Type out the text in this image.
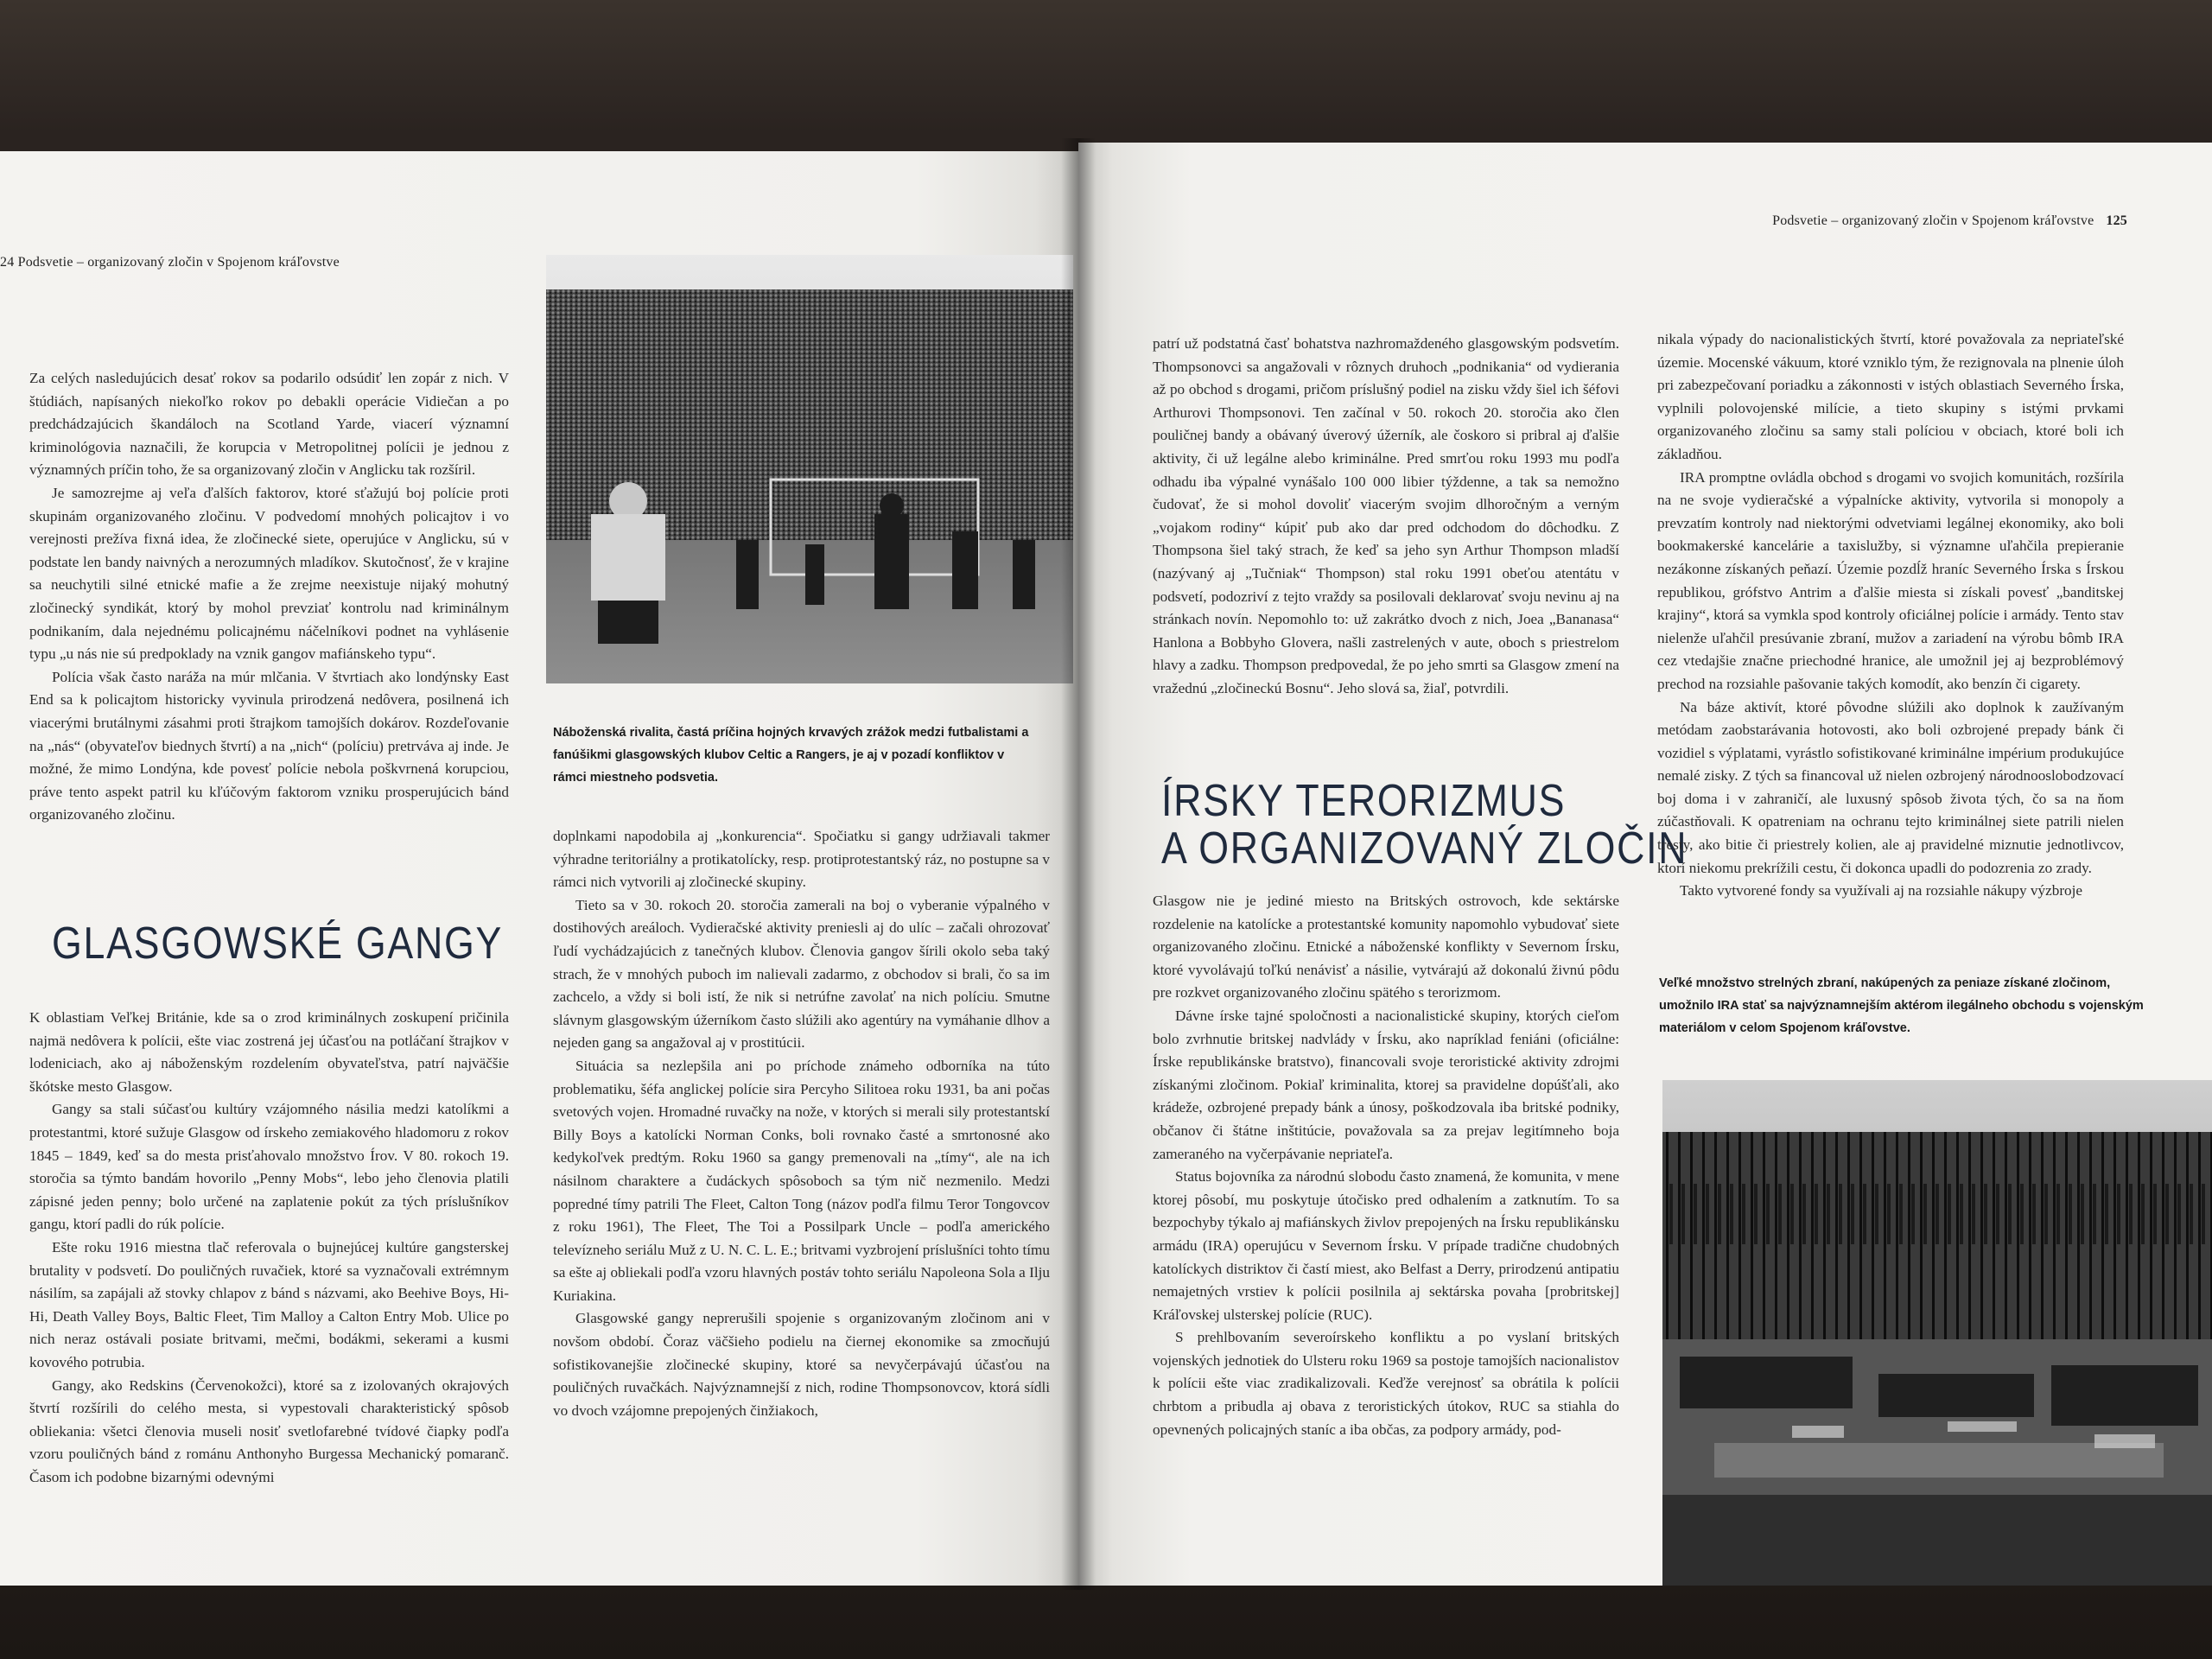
24 Podsvetie – organizovaný zločin v Spojenom kráľovstve

Za celých nasledujúcich desať rokov sa podarilo odsúdiť len zopár z nich. V štúdiách, napísaných niekoľko rokov po debakli operácie Vidiečan a po predchádzajúcich škandáloch na Scotland Yarde, viacerí významní kriminológovia naznačili, že korupcia v Metropolitnej polícii je jednou z významných príčin toho, že sa organizovaný zločin v Anglicku tak rozšíril.

Je samozrejme aj veľa ďalších faktorov, ktoré sťažujú boj polície proti skupinám organizovaného zločinu. V podvedomí mnohých policajtov i vo verejnosti prežíva fixná idea, že zločinecké siete, operujúce v Anglicku, sú v podstate len bandy naivných a nerozumných mladíkov. Skutočnosť, že v krajine sa neuchytili silné etnické mafie a že zrejme neexistuje nijaký mohutný zločinecký syndikát, ktorý by mohol prevziať kontrolu nad kriminálnym podnikaním, dala nejednému policajnému náčelníkovi podnet na vyhlásenie typu „u nás nie sú predpoklady na vznik gangov mafiánskeho typu“.

Polícia však často naráža na múr mlčania. V štvrtiach ako londýnsky East End sa k policajtom historicky vyvinula prirodzená nedôvera, posilnená ich viacerými brutálnymi zásahmi proti štrajkom tamojších dokárov. Rozdeľovanie na „nás“ (obyvateľov biednych štvrtí) a na „nich“ (políciu) pretrváva aj inde. Je možné, že mimo Londýna, kde povesť polície nebola poškvrnená korupciou, práve tento aspekt patril ku kľúčovým faktorom vzniku prosperujúcich bánd organizovaného zločinu.

GLASGOWSKÉ GANGY

K oblastiam Veľkej Británie, kde sa o zrod kriminálnych zoskupení pričinila najmä nedôvera k polícii, ešte viac zostrená jej účasťou na potláčaní štrajkov v lodeniciach, ako aj náboženským rozdelením obyvateľstva, patrí najväčšie škótske mesto Glasgow.

Gangy sa stali súčasťou kultúry vzájomného násilia medzi katolíkmi a protestantmi, ktoré sužuje Glasgow od írskeho zemiakového hladomoru z rokov 1845 – 1849, keď sa do mesta prisťahovalo množstvo Írov. V 80. rokoch 19. storočia sa týmto bandám hovorilo „Penny Mobs“, lebo jeho členovia platili zápisné jeden penny; bolo určené na zaplatenie pokút za tých príslušníkov gangu, ktorí padli do rúk polície.

Ešte roku 1916 miestna tlač referovala o bujnejúcej kultúre gangsterskej brutality v podsvetí. Do pouličných ruvačiek, ktoré sa vyznačovali extrémnym násilím, sa zapájali až stovky chlapov z bánd s názvami, ako Beehive Boys, Hi-Hi, Death Valley Boys, Baltic Fleet, Tim Malloy a Calton Entry Mob. Ulice po nich neraz ostávali posiate britvami, mečmi, bodákmi, sekerami a kusmi kovového potrubia.

Gangy, ako Redskins (Červenokožci), ktoré sa z izolovaných okrajových štvrtí rozšírili do celého mesta, si vypestovali charakteristický spôsob obliekania: všetci členovia museli nosiť svetlofarebné tvídové čiapky podľa vzoru pouličných bánd z románu Anthonyho Burgessa Mechanický pomaranč. Časom ich podobne bizarnými odevnými

Náboženská rivalita, častá príčina hojných krvavých zrážok medzi futbalistami a fanúšikmi glasgowských klubov Celtic a Rangers, je aj v pozadí konfliktov v rámci miestneho podsvetia.

doplnkami napodobila aj „konkurencia“. Spočiatku si gangy udržiavali takmer výhradne teritoriálny a protikatolícky, resp. protiprotestantský ráz, no postupne sa v rámci nich vytvorili aj zločinecké skupiny.

Tieto sa v 30. rokoch 20. storočia zamerali na boj o vyberanie výpalného v dostihových areáloch. Vydieračské aktivity preniesli aj do ulíc – začali ohrozovať ľudí vychádzajúcich z tanečných klubov. Členovia gangov šírili okolo seba taký strach, že v mnohých puboch im nalievali zadarmo, z obchodov si brali, čo sa im zachcelo, a vždy si boli istí, že nik si netrúfne zavolať na nich políciu. Smutne slávnym glasgowským úžerníkom často slúžili ako agentúry na vymáhanie dlhov a nejeden gang sa angažoval aj v prostitúcii.

Situácia sa nezlepšila ani po príchode známeho odborníka na túto problematiku, šéfa anglickej polície sira Percyho Silitoea roku 1931, ba ani počas svetových vojen. Hromadné ruvačky na nože, v ktorých si merali sily protestantskí Billy Boys a katolícki Norman Conks, boli rovnako časté a smrtonosné ako kedykoľvek predtým. Roku 1960 sa gangy premenovali na „tímy“, ale na ich násilnom charaktere a čudáckych spôsoboch sa tým nič nezmenilo. Medzi popredné tímy patrili The Fleet, Calton Tong (názov podľa filmu Teror Tongovcov z roku 1961), The Fleet, The Toi a Possilpark Uncle – podľa amerického televízneho seriálu Muž z U. N. C. L. E.; britvami vyzbrojení príslušníci tohto tímu sa ešte aj obliekali podľa vzoru hlavných postáv tohto seriálu Napoleona Sola a Ilju Kuriakina.

Glasgowské gangy neprerušili spojenie s organizovaným zločinom ani v novšom období. Čoraz väčšieho podielu na čiernej ekonomike sa zmocňujú sofistikovanejšie zločinecké skupiny, ktoré sa nevyčerpávajú účasťou na pouličných ruvačkách. Najvýznamnejší z nich, rodine Thompsonovcov, ktorá sídli vo dvoch vzájomne prepojených činžiakoch,

Podsvetie – organizovaný zločin v Spojenom kráľovstve 125

patrí už podstatná časť bohatstva nazhromaždeného glasgowským podsvetím. Thompsonovci sa angažovali v rôznych druhoch „podnikania“ od vydierania až po obchod s drogami, pričom príslušný podiel na zisku vždy šiel ich šéfovi Arthurovi Thompsonovi. Ten začínal v 50. rokoch 20. storočia ako člen pouličnej bandy a obávaný úverový úžerník, ale čoskoro si pribral aj ďalšie aktivity, či už legálne alebo kriminálne. Pred smrťou roku 1993 mu podľa odhadu iba výpalné vynášalo 100 000 libier týždenne, a tak sa nemožno čudovať, že si mohol dovoliť viacerým svojim dlhoročným a verným „vojakom rodiny“ kúpiť pub ako dar pred odchodom do dôchodku. Z Thompsona šiel taký strach, že keď sa jeho syn Arthur Thompson mladší (nazývaný aj „Tučniak“ Thompson) stal roku 1991 obeťou atentátu v podsvetí, podozriví z tejto vraždy sa posilovali deklarovať svoju nevinu aj na stránkach novín. Nepomohlo to: už zakrátko dvoch z nich, Joea „Bananasa“ Hanlona a Bobbyho Glovera, našli zastrelených v aute, oboch s priestrelom hlavy a zadku. Thompson predpovedal, že po jeho smrti sa Glasgow zmení na vražednú „zločineckú Bosnu“. Jeho slová sa, žiaľ, potvrdili.

ÍRSKY TERORIZMUS
A ORGANIZOVANÝ ZLOČIN

Glasgow nie je jediné miesto na Britských ostrovoch, kde sektárske rozdelenie na katolícke a protestantské komunity napomohlo vybudovať siete organizovaného zločinu. Etnické a náboženské konflikty v Severnom Írsku, ktoré vyvolávajú toľkú nenávisť a násilie, vytvárajú až dokonalú živnú pôdu pre rozkvet organizovaného zločinu spätého s terorizmom.

Dávne írske tajné spoločnosti a nacionalistické skupiny, ktorých cieľom bolo zvrhnutie britskej nadvlády v Írsku, ako napríklad feniáni (oficiálne: Írske republikánske bratstvo), financovali svoje teroristické aktivity zdrojmi získanými zločinom. Pokiaľ kriminalita, ktorej sa pravidelne dopúšťali, ako krádeže, ozbrojené prepady bánk a únosy, poškodzovala iba britské podniky, občanov či štátne inštitúcie, považovala sa za prejav legitímneho boja zameraného na vyčerpávanie nepriateľa.

Status bojovníka za národnú slobodu často znamená, že komunita, v mene ktorej pôsobí, mu poskytuje útočisko pred odhalením a zatknutím. To sa bezpochyby týkalo aj mafiánskych živlov prepojených na Írsku republikánsku armádu (IRA) operujúcu v Severnom Írsku. V prípade tradične chudobných katolíckych distriktov či častí miest, ako Belfast a Derry, prirodzenú antipatiu nemajetných vrstiev k polícii posilnila aj sektárska povaha [probritskej] Kráľovskej ulsterskej polície (RUC).

S prehlbovaním severoírskeho konfliktu a po vyslaní britských vojenských jednotiek do Ulsteru roku 1969 sa postoje tamojších nacionalistov k polícii ešte viac zradikalizovali. Keďže verejnosť sa obrátila k polícii chrbtom a pribudla aj obava z teroristických útokov, RUC sa stiahla do opevnených policajných staníc a iba občas, za podpory armády, pod-

nikala výpady do nacionalistických štvrtí, ktoré považovala za nepriateľské územie. Mocenské vákuum, ktoré vzniklo tým, že rezignovala na plnenie úloh pri zabezpečovaní poriadku a zákonnosti v istých oblastiach Severného Írska, vyplnili polovojenské milície, a tieto skupiny s istými prvkami organizovaného zločinu sa samy stali políciou v obciach, ktoré boli ich základňou.

IRA promptne ovládla obchod s drogami vo svojich komunitách, rozšírila na ne svoje vydieračské a výpalnícke aktivity, vytvorila si monopoly a prevzatím kontroly nad niektorými odvetviami legálnej ekonomiky, ako boli bookmakerské kancelárie a taxislužby, si významne uľahčila prepieranie nezákonne získaných peňazí. Územie pozdĺž hraníc Severného Írska s Írskou republikou, grófstvo Antrim a ďalšie miesta si získali povesť „banditskej krajiny“, ktorá sa vymkla spod kontroly oficiálnej polície i armády. Tento stav nielenže uľahčil presúvanie zbraní, mužov a zariadení na výrobu bômb IRA cez vtedajšie značne priechodné hranice, ale umožnil jej aj bezproblémový prechod na rozsiahle pašovanie takých komodít, ako benzín či cigarety.

Na báze aktivít, ktoré pôvodne slúžili ako doplnok k zaužívaným metódam zaobstarávania hotovosti, ako boli ozbrojené prepady bánk či vozidiel s výplatami, vyrástlo sofistikované kriminálne impérium produkujúce nemalé zisky. Z tých sa financoval už nielen ozbrojený národnooslobodzovací boj doma i v zahraničí, ale luxusný spôsob života tých, čo sa na ňom zúčastňovali. K opatreniam na ochranu tejto kriminálnej siete patrili nielen tresty, ako bitie či priestrely kolien, ale aj pravidelné miznutie jednotlivcov, ktorí niekomu prekrížili cestu, či dokonca upadli do podozrenia zo zrady.

Takto vytvorené fondy sa využívali aj na rozsiahle nákupy výzbroje

Veľké množstvo strelných zbraní, nakúpených za peniaze získané zločinom, umožnilo IRA stať sa najvýznamnejším aktérom ilegálneho obchodu s vojenským materiálom v celom Spojenom kráľovstve.
